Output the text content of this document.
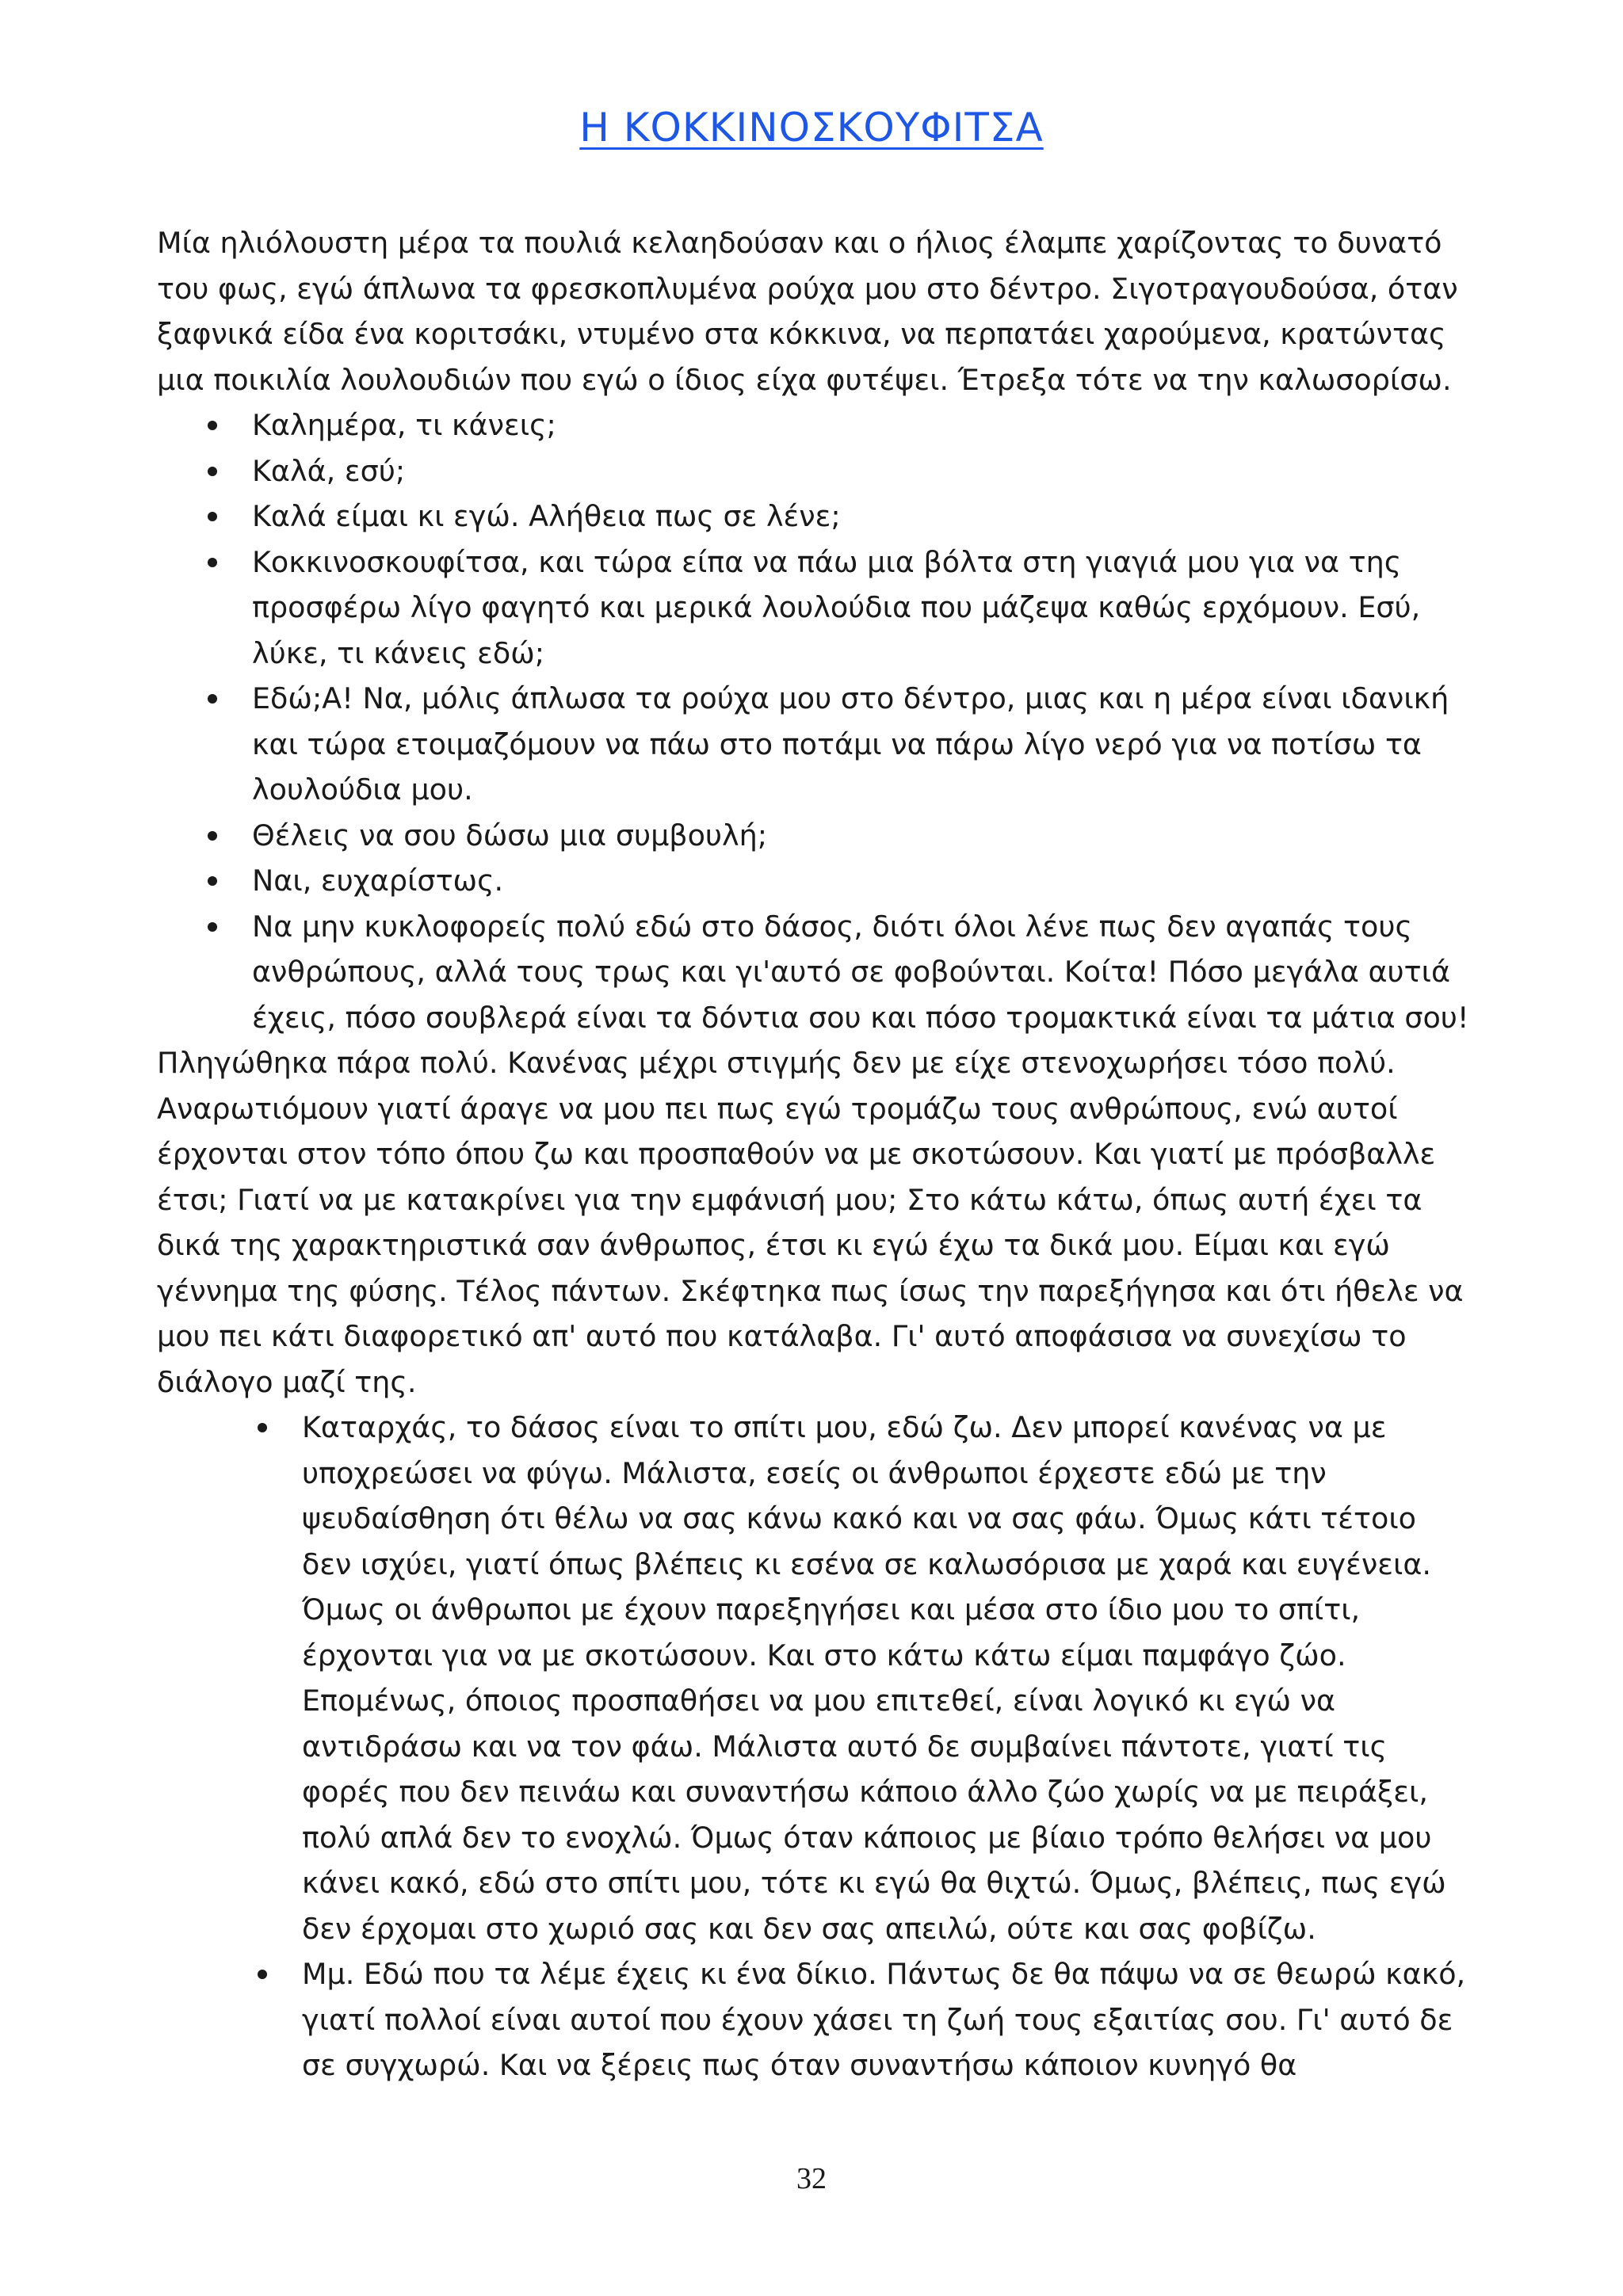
Η ΚΟΚΚΙΝΟΣΚΟΥΦΙΤΣΑ

Μία ηλιόλουστη μέρα τα πουλιά κελαηδούσαν και ο ήλιος έλαμπε χαρίζοντας το δυνατό του φως, εγώ άπλωνα τα φρεσκοπλυμένα ρούχα μου στο δέντρο. Σιγοτραγουδούσα, όταν ξαφνικά είδα ένα κοριτσάκι, ντυμένο στα κόκκινα, να περπατάει χαρούμενα, κρατώντας μια ποικιλία λουλουδιών που εγώ ο ίδιος είχα φυτέψει. Έτρεξα τότε να την καλωσορίσω.

Καλημέρα, τι κάνεις;
Καλά, εσύ;
Καλά είμαι κι εγώ. Αλήθεια πως σε λένε;
Κοκκινοσκουφίτσα, και τώρα είπα να πάω μια βόλτα στη γιαγιά μου για να της προσφέρω λίγο φαγητό και μερικά λουλούδια που μάζεψα καθώς ερχόμουν. Εσύ, λύκε, τι κάνεις εδώ;
Εδώ;Α! Να, μόλις άπλωσα τα ρούχα μου στο δέντρο, μιας και η μέρα είναι ιδανική και τώρα ετοιμαζόμουν να πάω στο ποτάμι να πάρω λίγο νερό για να ποτίσω τα λουλούδια μου.
Θέλεις να σου δώσω μια συμβουλή;
Ναι, ευχαρίστως.
Να μην κυκλοφορείς πολύ εδώ στο δάσος, διότι όλοι λένε πως δεν αγαπάς τους ανθρώπους, αλλά τους τρως και γι'αυτό σε φοβούνται. Κοίτα! Πόσο μεγάλα αυτιά έχεις, πόσο σουβλερά είναι τα δόντια σου και πόσο τρομακτικά είναι τα μάτια σου!

Πληγώθηκα πάρα πολύ. Κανένας μέχρι στιγμής δεν με είχε στενοχωρήσει τόσο πολύ. Αναρωτιόμουν γιατί άραγε να μου πει πως εγώ τρομάζω τους ανθρώπους, ενώ αυτοί έρχονται στον τόπο όπου ζω και προσπαθούν να με σκοτώσουν. Και γιατί με πρόσβαλλε έτσι; Γιατί να με κατακρίνει για την εμφάνισή μου; Στο κάτω κάτω, όπως αυτή έχει τα δικά της χαρακτηριστικά σαν άνθρωπος, έτσι κι εγώ έχω τα δικά μου. Είμαι και εγώ γέννημα της φύσης. Τέλος πάντων. Σκέφτηκα πως ίσως την παρεξήγησα και ότι ήθελε να μου πει κάτι διαφορετικό απ' αυτό που κατάλαβα. Γι' αυτό αποφάσισα να συνεχίσω το διάλογο μαζί της.

Καταρχάς, το δάσος είναι το σπίτι μου, εδώ ζω. Δεν μπορεί κανένας να με υποχρεώσει να φύγω. Μάλιστα, εσείς οι άνθρωποι έρχεστε εδώ με την ψευδαίσθηση ότι θέλω να σας κάνω κακό και να σας φάω. Όμως κάτι τέτοιο δεν ισχύει, γιατί όπως βλέπεις κι εσένα σε καλωσόρισα με χαρά και ευγένεια. Όμως οι άνθρωποι με έχουν παρεξηγήσει και μέσα στο ίδιο μου το σπίτι, έρχονται για να με σκοτώσουν. Και στο κάτω κάτω είμαι παμφάγο ζώο. Επομένως, όποιος προσπαθήσει να μου επιτεθεί, είναι λογικό κι εγώ να αντιδράσω και να τον φάω. Μάλιστα αυτό δε συμβαίνει πάντοτε, γιατί τις φορές που δεν πεινάω και συναντήσω κάποιο άλλο ζώο χωρίς να με πειράξει, πολύ απλά δεν το ενοχλώ. Όμως όταν κάποιος με βίαιο τρόπο θελήσει να μου κάνει κακό, εδώ στο σπίτι μου, τότε κι εγώ θα θιχτώ. Όμως, βλέπεις, πως εγώ δεν έρχομαι στο χωριό σας και δεν σας απειλώ, ούτε και σας φοβίζω.
Μμ. Εδώ που τα λέμε έχεις κι ένα δίκιο. Πάντως δε θα πάψω να σε θεωρώ κακό, γιατί πολλοί είναι αυτοί που έχουν χάσει τη ζωή τους εξαιτίας σου. Γι' αυτό δε σε συγχωρώ. Και να ξέρεις πως όταν συναντήσω κάποιον κυνηγό θα
32
